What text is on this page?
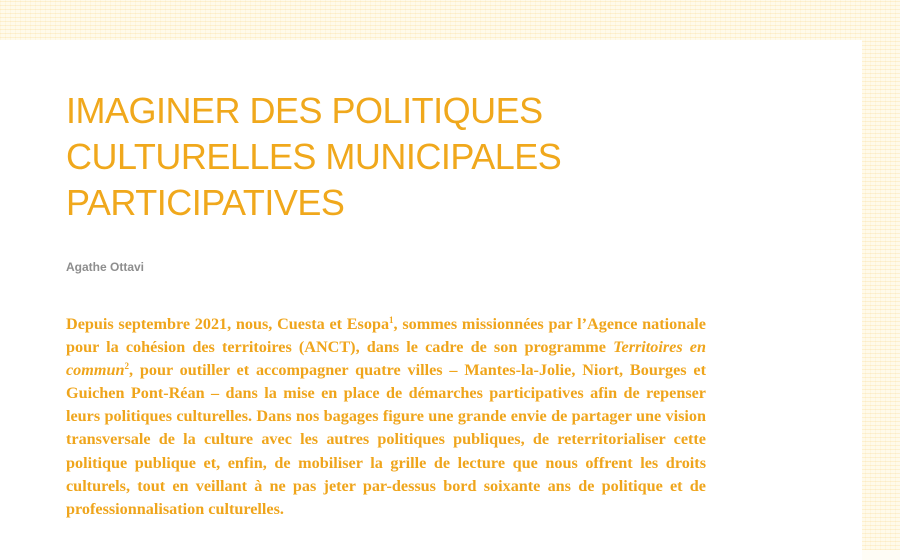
IMAGINER DES POLITIQUES CULTURELLES MUNICIPALES PARTICIPATIVES

Agathe Ottavi

Depuis septembre 2021, nous, Cuesta et Esopa$^1$, sommes missionnées par l’Agence nationale pour la cohésion des territoires (ANCT), dans le cadre de son programme Territoires en commun$^2$, pour outiller et accompagner quatre villes – Mantes-la-Jolie, Niort, Bourges et Guichen Pont-Réan – dans la mise en place de démarches participatives afin de repenser leurs politiques culturelles. Dans nos bagages figure une grande envie de partager une vision transversale de la culture avec les autres politiques publiques, de reterritorialiser cette politique publique et, enfin, de mobiliser la grille de lecture que nous offrent les droits culturels, tout en veillant à ne pas jeter par-dessus bord soixante ans de politique et de professionnalisation culturelles.
